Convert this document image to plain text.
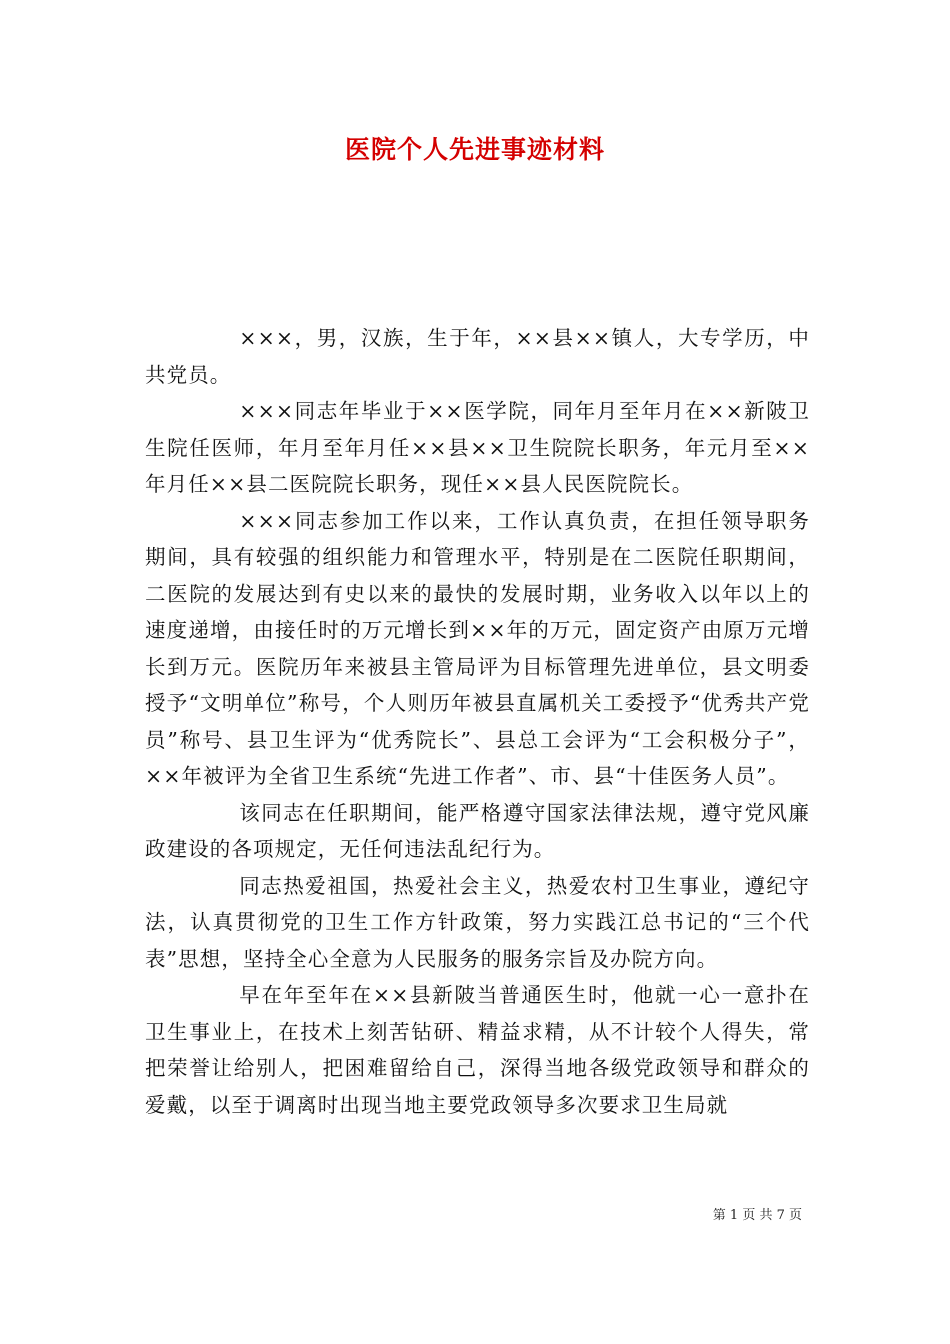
医院个人先进事迹材料

×××，男，汉族，生于年，××县××镇人，大专学历，中共党员。

×××同志年毕业于××医学院，同年月至年月在××新陂卫生院任医师，年月至年月任××县××卫生院院长职务，年元月至××年月任××县二医院院长职务，现任××县人民医院院长。

×××同志参加工作以来，工作认真负责，在担任领导职务期间，具有较强的组织能力和管理水平，特别是在二医院任职期间，二医院的发展达到有史以来的最快的发展时期，业务收入以年以上的速度递增，由接任时的万元增长到××年的万元，固定资产由原万元增长到万元。医院历年来被县主管局评为目标管理先进单位，县文明委授予“文明单位”称号，个人则历年被县直属机关工委授予“优秀共产党员”称号、县卫生评为“优秀院长”、县总工会评为“工会积极分子”，××年被评为全省卫生系统“先进工作者”、市、县“十佳医务人员”。

该同志在任职期间，能严格遵守国家法律法规，遵守党风廉政建设的各项规定，无任何违法乱纪行为。

同志热爱祖国，热爱社会主义，热爱农村卫生事业，遵纪守法，认真贯彻党的卫生工作方针政策，努力实践江总书记的“三个代表”思想，坚持全心全意为人民服务的服务宗旨及办院方向。

早在年至年在××县新陂当普通医生时，他就一心一意扑在卫生事业上，在技术上刻苦钻研、精益求精，从不计较个人得失，常把荣誉让给别人，把困难留给自己，深得当地各级党政领导和群众的爱戴，以至于调离时出现当地主要党政领导多次要求卫生局就

第 1 页 共 7 页
